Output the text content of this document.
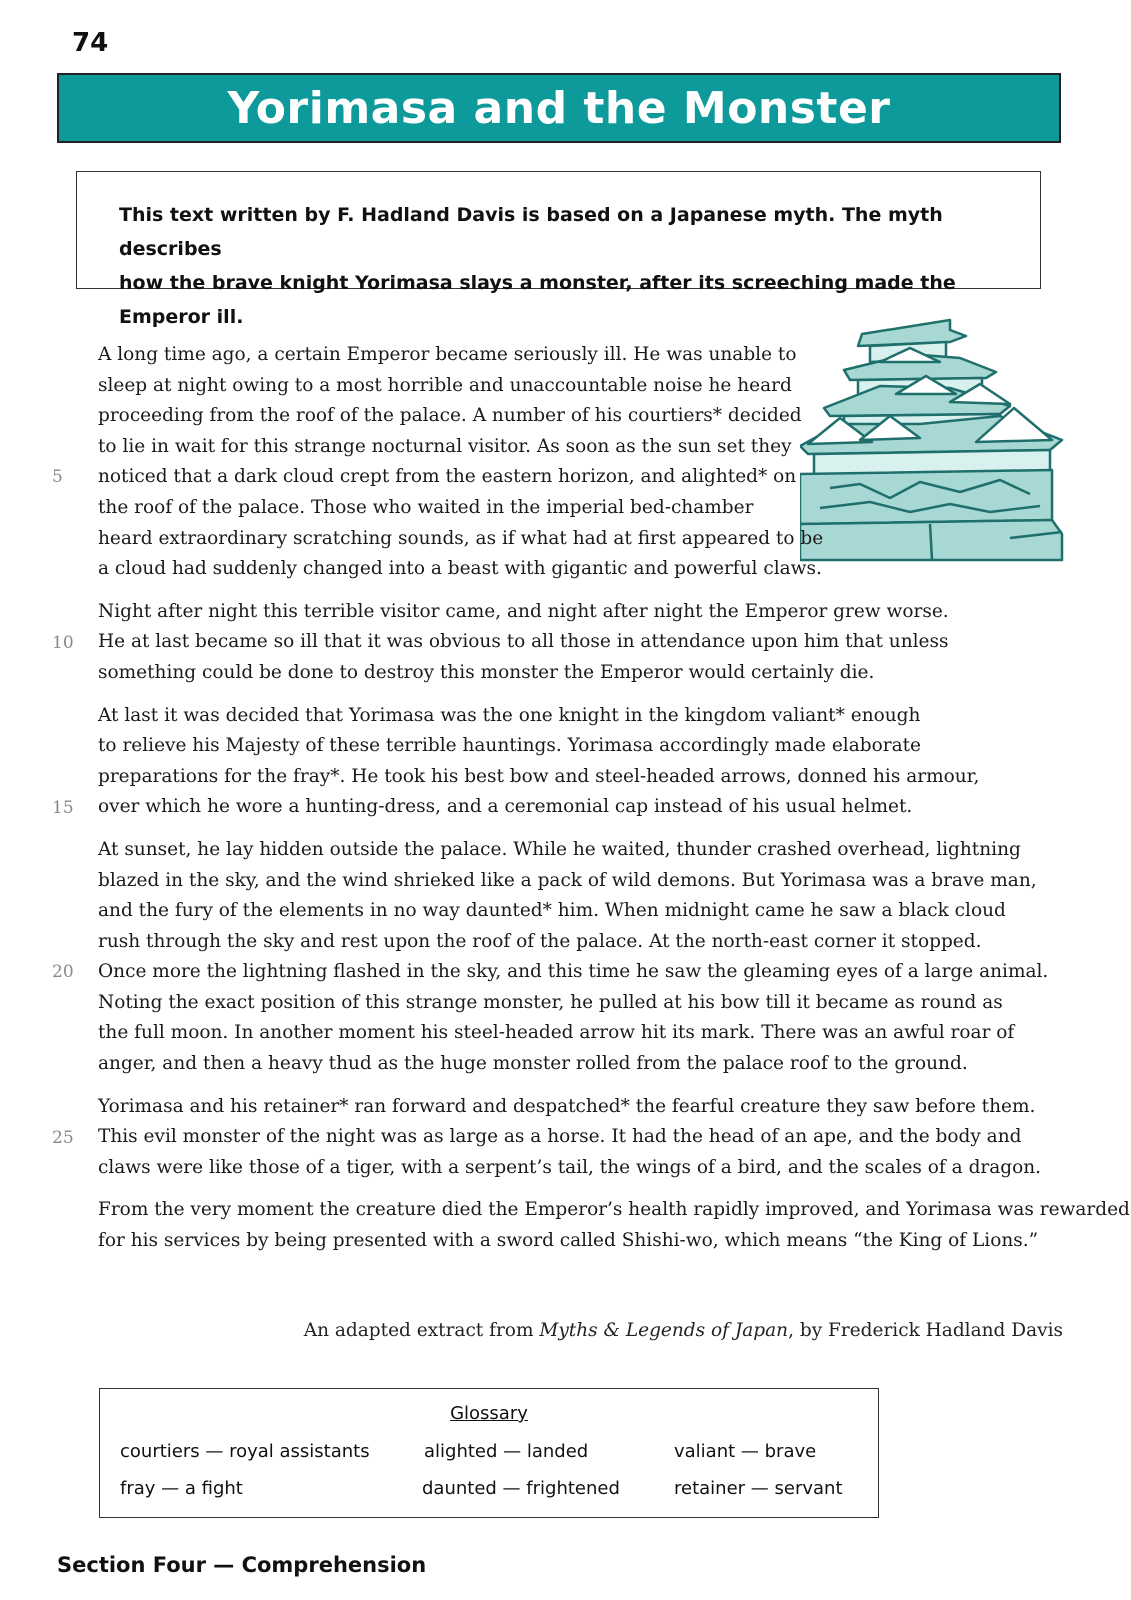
74
Yorimasa and the Monster

This text written by F. Hadland Davis is based on a Japanese myth. The myth describes

how the brave knight Yorimasa slays a monster, after its screeching made the Emperor ill.

A long time ago, a certain Emperor became seriously ill. He was unable to
sleep at night owing to a most horrible and unaccountable noise he heard
proceeding from the roof of the palace. A number of his courtiers* decided
to lie in wait for this strange nocturnal visitor. As soon as the sun set they
noticed that a dark cloud crept from the eastern horizon, and alighted* on
5
the roof of the palace. Those who waited in the imperial bed-chamber
heard extraordinary scratching sounds, as if what had at first appeared to be
a cloud had suddenly changed into a beast with gigantic and powerful claws.

Night after night this terrible visitor came, and night after night the Emperor grew worse.
He at last became so ill that it was obvious to all those in attendance upon him that unless
10
something could be done to destroy this monster the Emperor would certainly die.

At last it was decided that Yorimasa was the one knight in the kingdom valiant* enough
to relieve his Majesty of these terrible hauntings. Yorimasa accordingly made elaborate
preparations for the fray*. He took his best bow and steel-headed arrows, donned his armour,
over which he wore a hunting-dress, and a ceremonial cap instead of his usual helmet.
15

At sunset, he lay hidden outside the palace. While he waited, thunder crashed overhead, lightning
blazed in the sky, and the wind shrieked like a pack of wild demons. But Yorimasa was a brave man,
and the fury of the elements in no way daunted* him. When midnight came he saw a black cloud
rush through the sky and rest upon the roof of the palace. At the north-east corner it stopped.
Once more the lightning flashed in the sky, and this time he saw the gleaming eyes of a large animal.
20
Noting the exact position of this strange monster, he pulled at his bow till it became as round as
the full moon. In another moment his steel-headed arrow hit its mark. There was an awful roar of
anger, and then a heavy thud as the huge monster rolled from the palace roof to the ground.

Yorimasa and his retainer* ran forward and despatched* the fearful creature they saw before them.
This evil monster of the night was as large as a horse. It had the head of an ape, and the body and
25
claws were like those of a tiger, with a serpent’s tail, the wings of a bird, and the scales of a dragon.

From the very moment the creature died the Emperor’s health rapidly improved, and Yorimasa was rewarded
for his services by being presented with a sword called Shishi-wo, which means “the King of Lions.”

An adapted extract from Myths & Legends of Japan, by Frederick Hadland Davis
Glossary
courtiers — royal assistants	alighted — landed	valiant — brave
fray — a fight	daunted — frightened	retainer — servant
Section Four — Comprehension
